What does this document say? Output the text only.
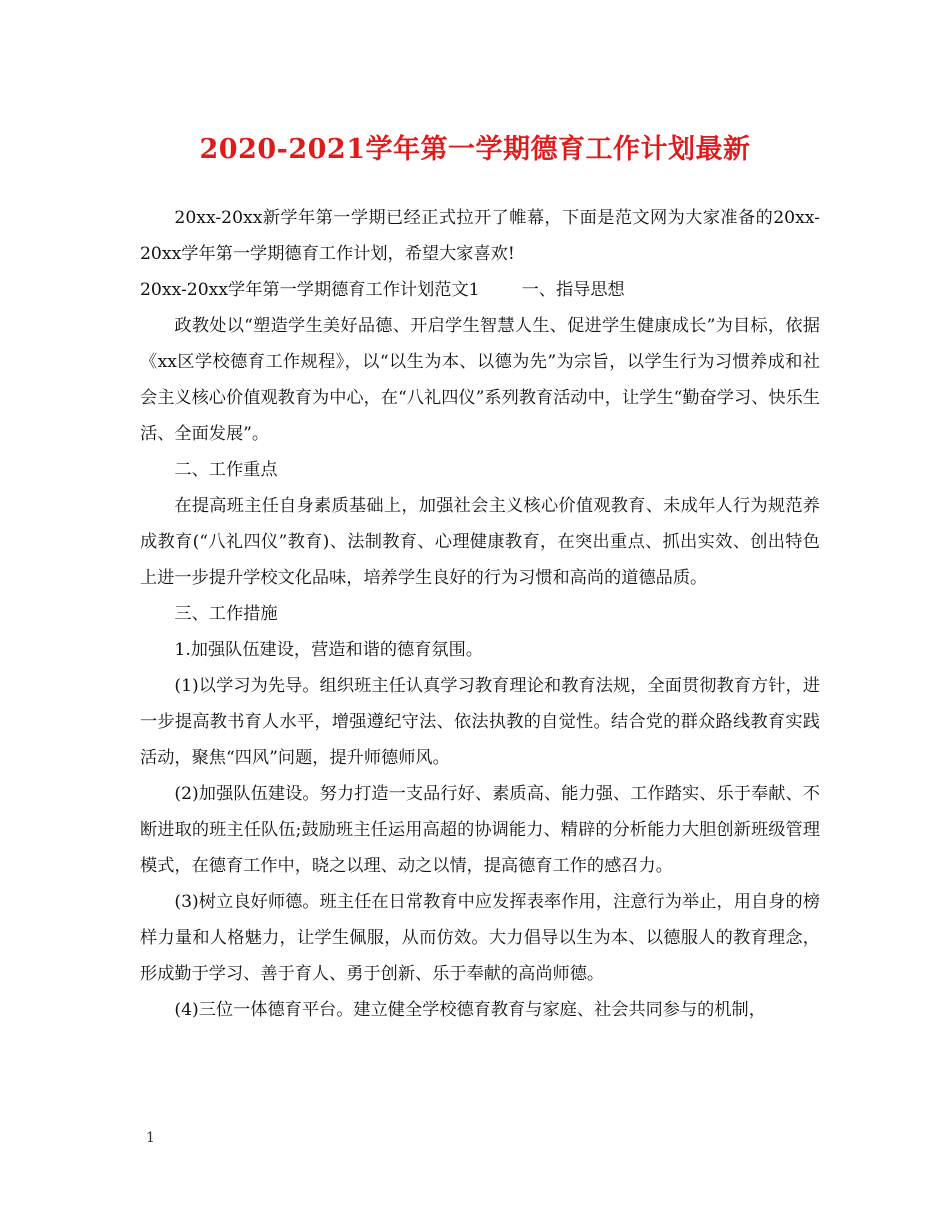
2020-2021学年第一学期德育工作计划最新

20xx-20xx新学年第一学期已经正式拉开了帷幕，下面是范文网为大家准备的20xx-20xx学年第一学期德育工作计划，希望大家喜欢!

20xx-20xx学年第一学期德育工作计划范文1 一、指导思想

政教处以“塑造学生美好品德、开启学生智慧人生、促进学生健康成长”为目标，依据《xx区学校德育工作规程》，以“以生为本、以德为先”为宗旨，以学生行为习惯养成和社会主义核心价值观教育为中心，在“八礼四仪”系列教育活动中，让学生“勤奋学习、快乐生活、全面发展”。

二、工作重点

在提高班主任自身素质基础上，加强社会主义核心价值观教育、未成年人行为规范养成教育(“八礼四仪”教育)、法制教育、心理健康教育，在突出重点、抓出实效、创出特色上进一步提升学校文化品味，培养学生良好的行为习惯和高尚的道德品质。

三、工作措施

1.加强队伍建设，营造和谐的德育氛围。

(1)以学习为先导。组织班主任认真学习教育理论和教育法规，全面贯彻教育方针，进一步提高教书育人水平，增强遵纪守法、依法执教的自觉性。结合党的群众路线教育实践活动，聚焦“四风”问题，提升师德师风。

(2)加强队伍建设。努力打造一支品行好、素质高、能力强、工作踏实、乐于奉献、不断进取的班主任队伍;鼓励班主任运用高超的协调能力、精辟的分析能力大胆创新班级管理模式，在德育工作中，晓之以理、动之以情，提高德育工作的感召力。

(3)树立良好师德。班主任在日常教育中应发挥表率作用，注意行为举止，用自身的榜样力量和人格魅力，让学生佩服，从而仿效。大力倡导以生为本、以德服人的教育理念，形成勤于学习、善于育人、勇于创新、乐于奉献的高尚师德。

(4)三位一体德育平台。建立健全学校德育教育与家庭、社会共同参与的机制，

1
